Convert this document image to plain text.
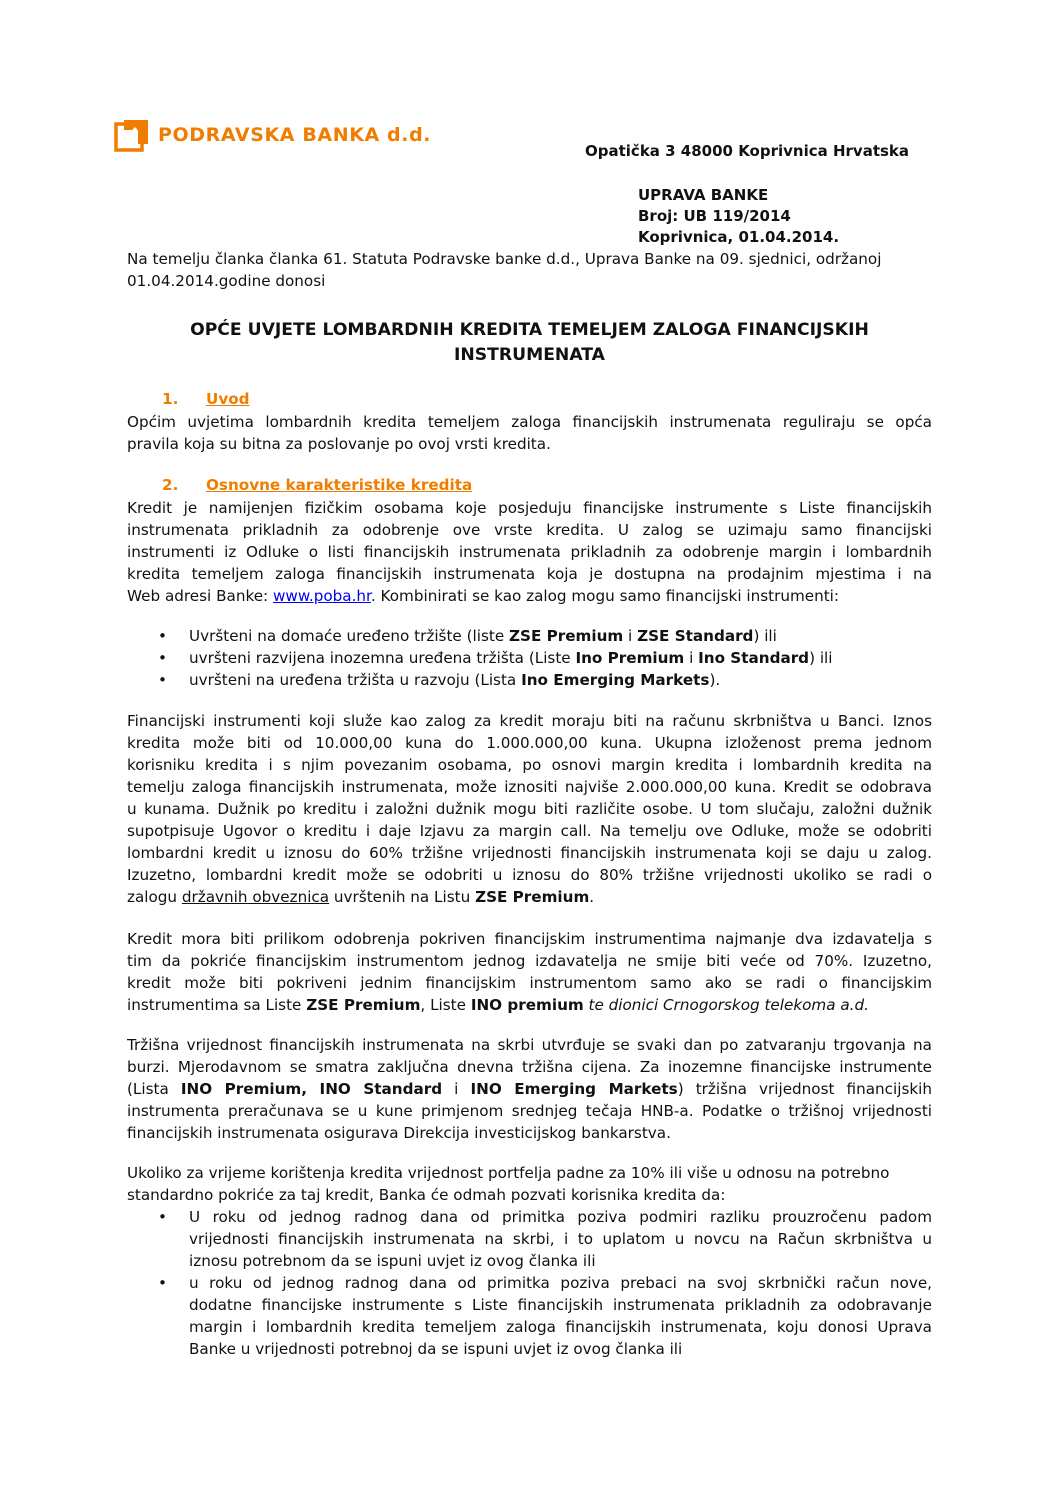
PODRAVSKA BANKA d.d.
Opatička 3 48000 Koprivnica Hrvatska
UPRAVA BANKE
Broj: UB 119/2014
Koprivnica, 01.04.2014.
Na temelju članka članka 61. Statuta Podravske banke d.d., Uprava Banke na 09. sjednici, održanoj
01.04.2014.godine donosi
OPĆE UVJETE LOMBARDNIH KREDITA TEMELJEM ZALOGA FINANCIJSKIH
INSTRUMENATA
1. Uvod
Općim uvjetima lombardnih kredita temeljem zaloga financijskih instrumenata reguliraju se opća
pravila koja su bitna za poslovanje po ovoj vrsti kredita.
2. Osnovne karakteristike kredita
Kredit je namijenjen fizičkim osobama koje posjeduju financijske instrumente s Liste financijskih
instrumenata prikladnih za odobrenje ove vrste kredita. U zalog se uzimaju samo financijski
instrumenti iz Odluke o listi financijskih instrumenata prikladnih za odobrenje margin i lombardnih
kredita temeljem zaloga financijskih instrumenata koja je dostupna na prodajnim mjestima i na
Web adresi Banke: www.poba.hr. Kombinirati se kao zalog mogu samo financijski instrumenti:
• Uvršteni na domaće uređeno tržište (liste ZSE Premium i ZSE Standard) ili
• uvršteni razvijena inozemna uređena tržišta (Liste Ino Premium i Ino Standard) ili
• uvršteni na uređena tržišta u razvoju (Lista Ino Emerging Markets).
Financijski instrumenti koji služe kao zalog za kredit moraju biti na računu skrbništva u Banci. Iznos
kredita može biti od 10.000,00 kuna do 1.000.000,00 kuna. Ukupna izloženost prema jednom
korisniku kredita i s njim povezanim osobama, po osnovi margin kredita i lombardnih kredita na
temelju zaloga financijskih instrumenata, može iznositi najviše 2.000.000,00 kuna. Kredit se odobrava
u kunama. Dužnik po kreditu i založni dužnik mogu biti različite osobe. U tom slučaju, založni dužnik
supotpisuje Ugovor o kreditu i daje Izjavu za margin call. Na temelju ove Odluke, može se odobriti
lombardni kredit u iznosu do 60% tržišne vrijednosti financijskih instrumenata koji se daju u zalog.
Izuzetno, lombardni kredit može se odobriti u iznosu do 80% tržišne vrijednosti ukoliko se radi o
zalogu državnih obveznica uvrštenih na Listu ZSE Premium.
Kredit mora biti prilikom odobrenja pokriven financijskim instrumentima najmanje dva izdavatelja s
tim da pokriće financijskim instrumentom jednog izdavatelja ne smije biti veće od 70%. Izuzetno,
kredit može biti pokriveni jednim financijskim instrumentom samo ako se radi o financijskim
instrumentima sa Liste ZSE Premium, Liste INO premium te dionici Crnogorskog telekoma a.d.
Tržišna vrijednost financijskih instrumenata na skrbi utvrđuje se svaki dan po zatvaranju trgovanja na
burzi. Mjerodavnom se smatra zaključna dnevna tržišna cijena. Za inozemne financijske instrumente
(Lista INO Premium, INO Standard i INO Emerging Markets) tržišna vrijednost financijskih
instrumenta preračunava se u kune primjenom srednjeg tečaja HNB-a. Podatke o tržišnoj vrijednosti
financijskih instrumenata osigurava Direkcija investicijskog bankarstva.
Ukoliko za vrijeme korištenja kredita vrijednost portfelja padne za 10% ili više u odnosu na potrebno
standardno pokriće za taj kredit, Banka će odmah pozvati korisnika kredita da:
• U roku od jednog radnog dana od primitka poziva podmiri razliku prouzročenu padom
vrijednosti financijskih instrumenata na skrbi, i to uplatom u novcu na Račun skrbništva u
iznosu potrebnom da se ispuni uvjet iz ovog članka ili
• u roku od jednog radnog dana od primitka poziva prebaci na svoj skrbnički račun nove,
dodatne financijske instrumente s Liste financijskih instrumenata prikladnih za odobravanje
margin i lombardnih kredita temeljem zaloga financijskih instrumenata, koju donosi Uprava
Banke u vrijednosti potrebnoj da se ispuni uvjet iz ovog članka ili
